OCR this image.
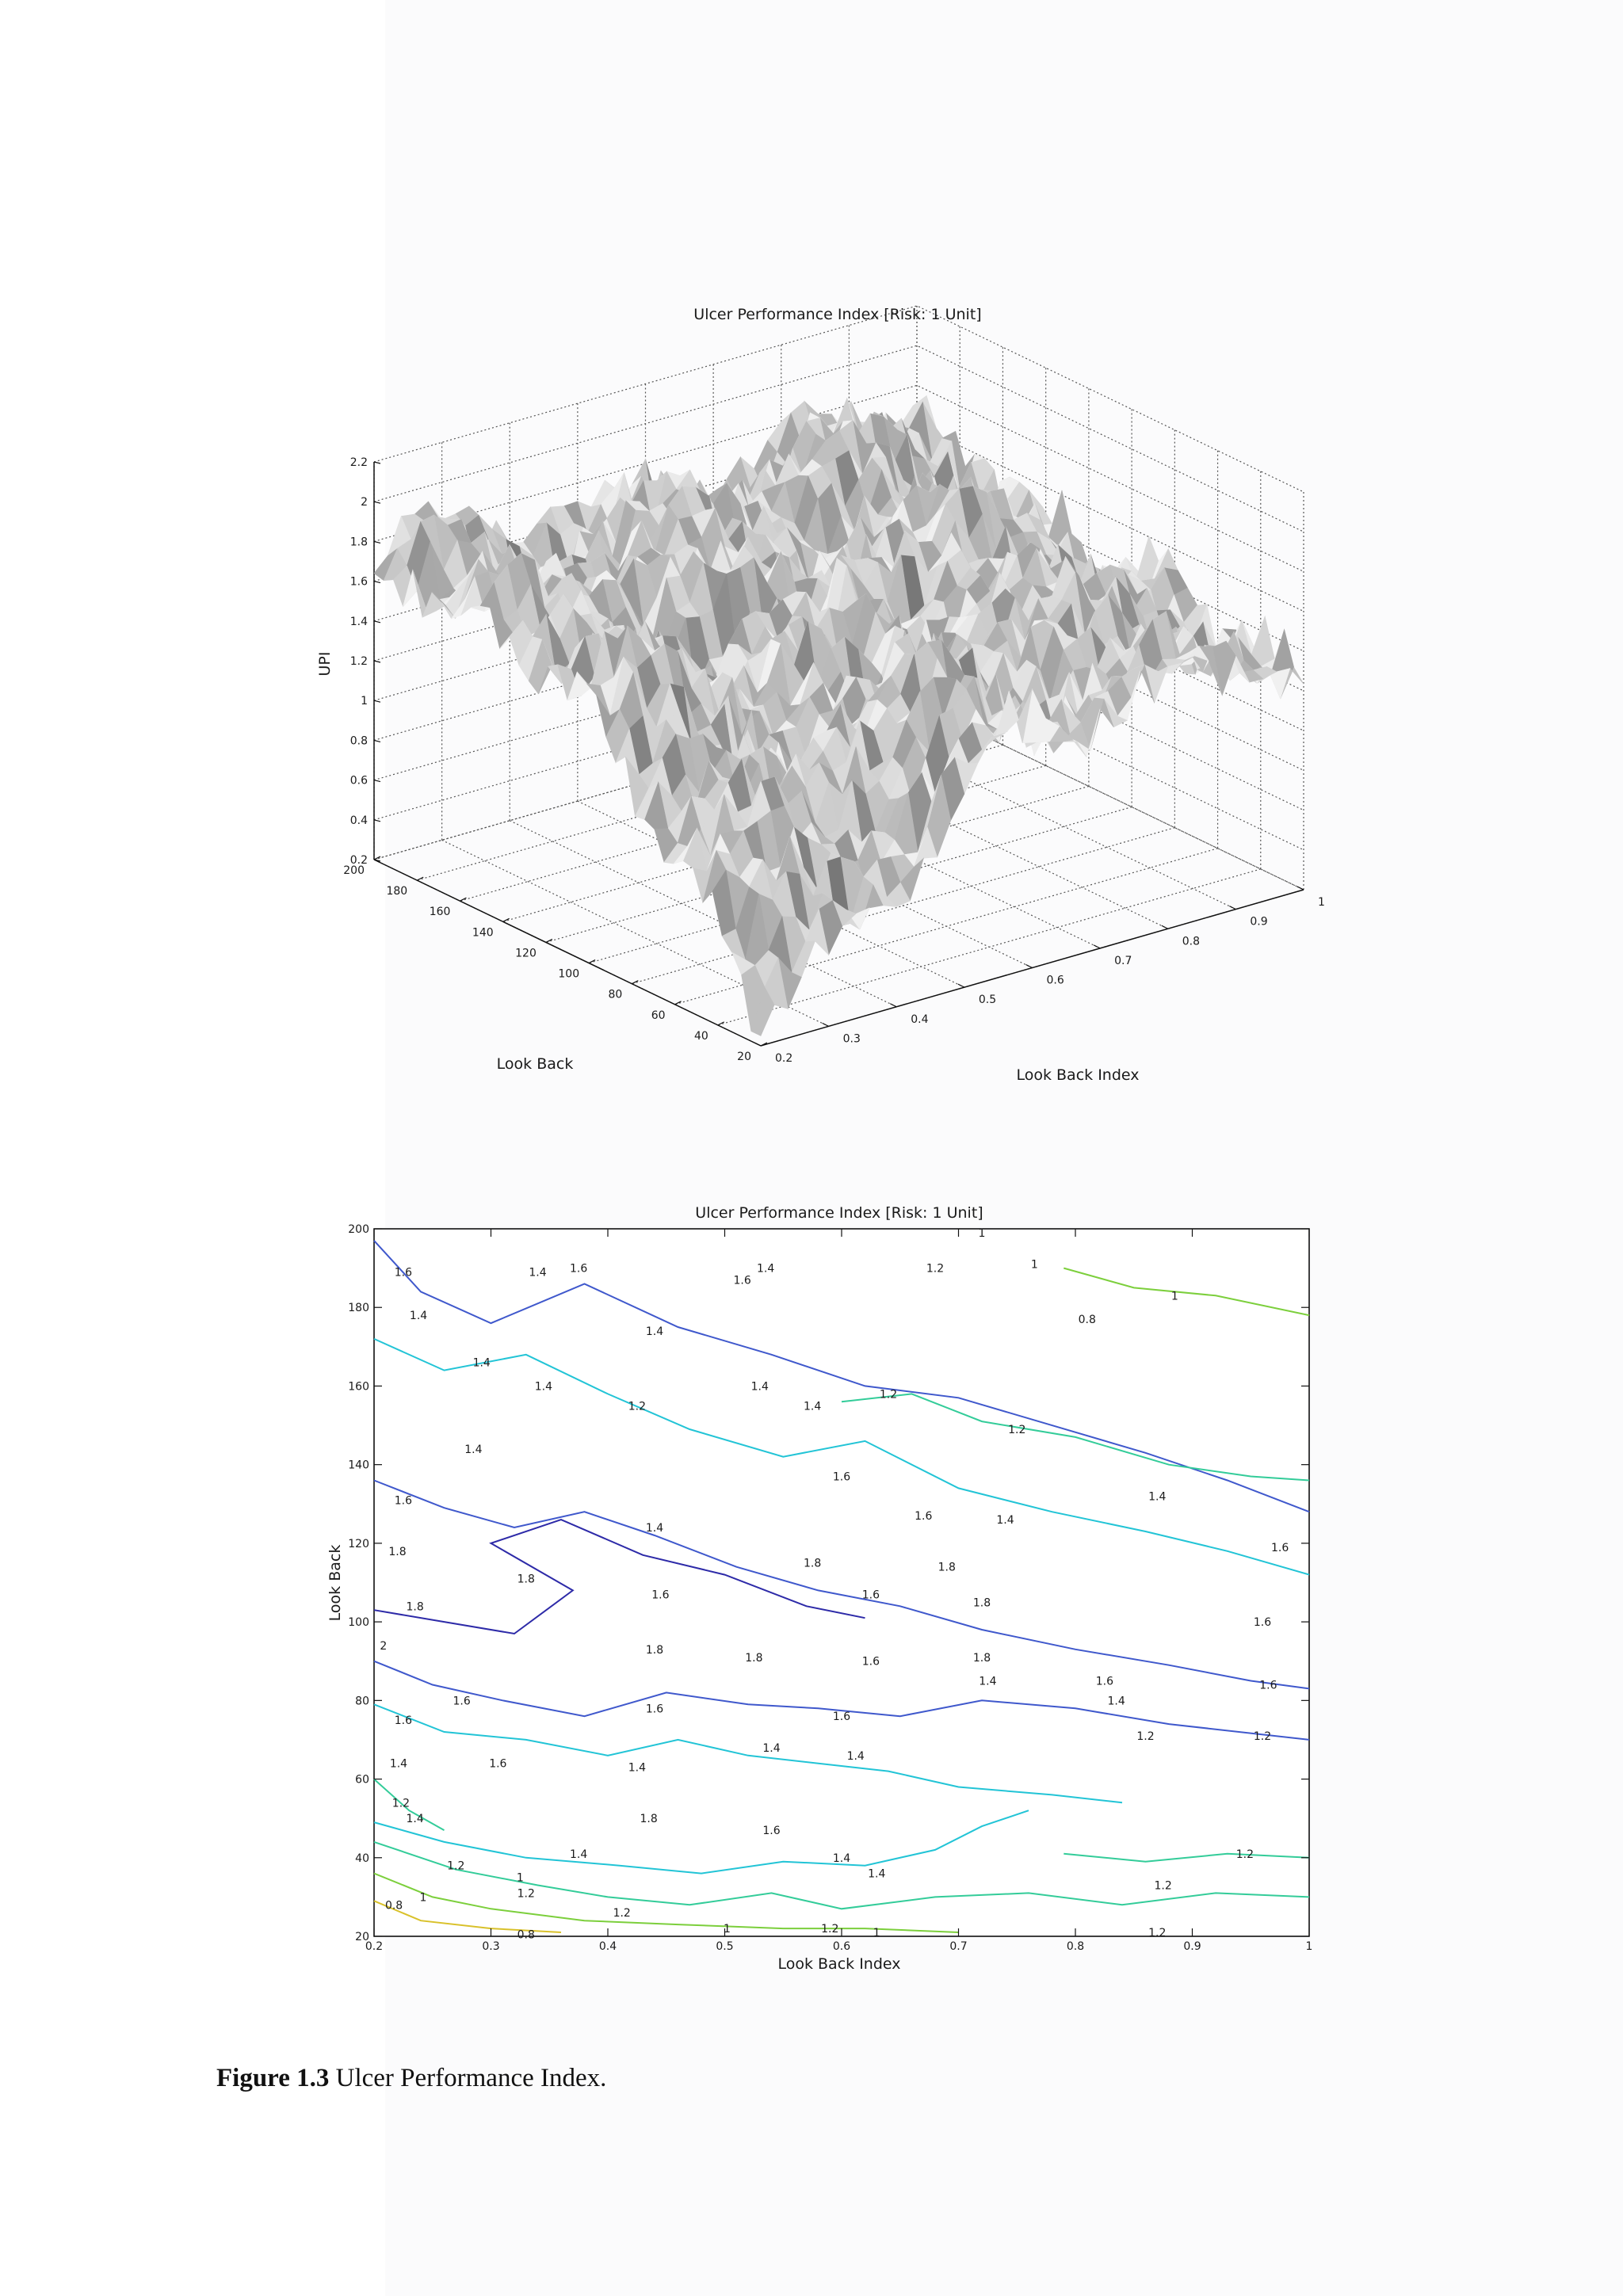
Ulcer Performance Index [Risk: 1 Unit]
UPI
Look Back
Look Back Index
0.2
0.4
0.6
0.8
1
1.2
1.4
1.6
1.8
2
2.2
200
180
160
140
120
100
80
60
40
20 0.2
0.3
0.4
0.5
0.6
0.7
0.8
0.9
1
1.6	1.4 1.6	1.4
1.6
1.2	1
1
1.4
1.4
1.4
1.4	1.4
1.2	1.4
1.2
1.2
0.8
1
1.4
1.6
1.6	1.4
1.6	1.4
1.4
1.8
1.8	1.8
1.6
1.8
1.8
1.6	1.6
1.8
1.6
1.8
1.8	1.6	1.8
2
1.4	1.6	1.6
1.6
1.6
1.4
1.6	1.6
1.2	1.2
1.4
1.4
1.4	1.6	1.4
1.2
1.4	1.8
1.6
1.4	1.4
1.2
1.2
1	1.4
1.2
1.2
0.8
1
1.2
1	1.2	1.2
0.8	1
0.2	0.3	0.4	0.5	0.6	0.7	0.8	0.9	1
20
40
60
80
100
120
140
160
180
200
Ulcer Performance Index [Risk: 1 Unit]
Look Back Index
Look Back
Figure 1.3 Ulcer Performance Index.
